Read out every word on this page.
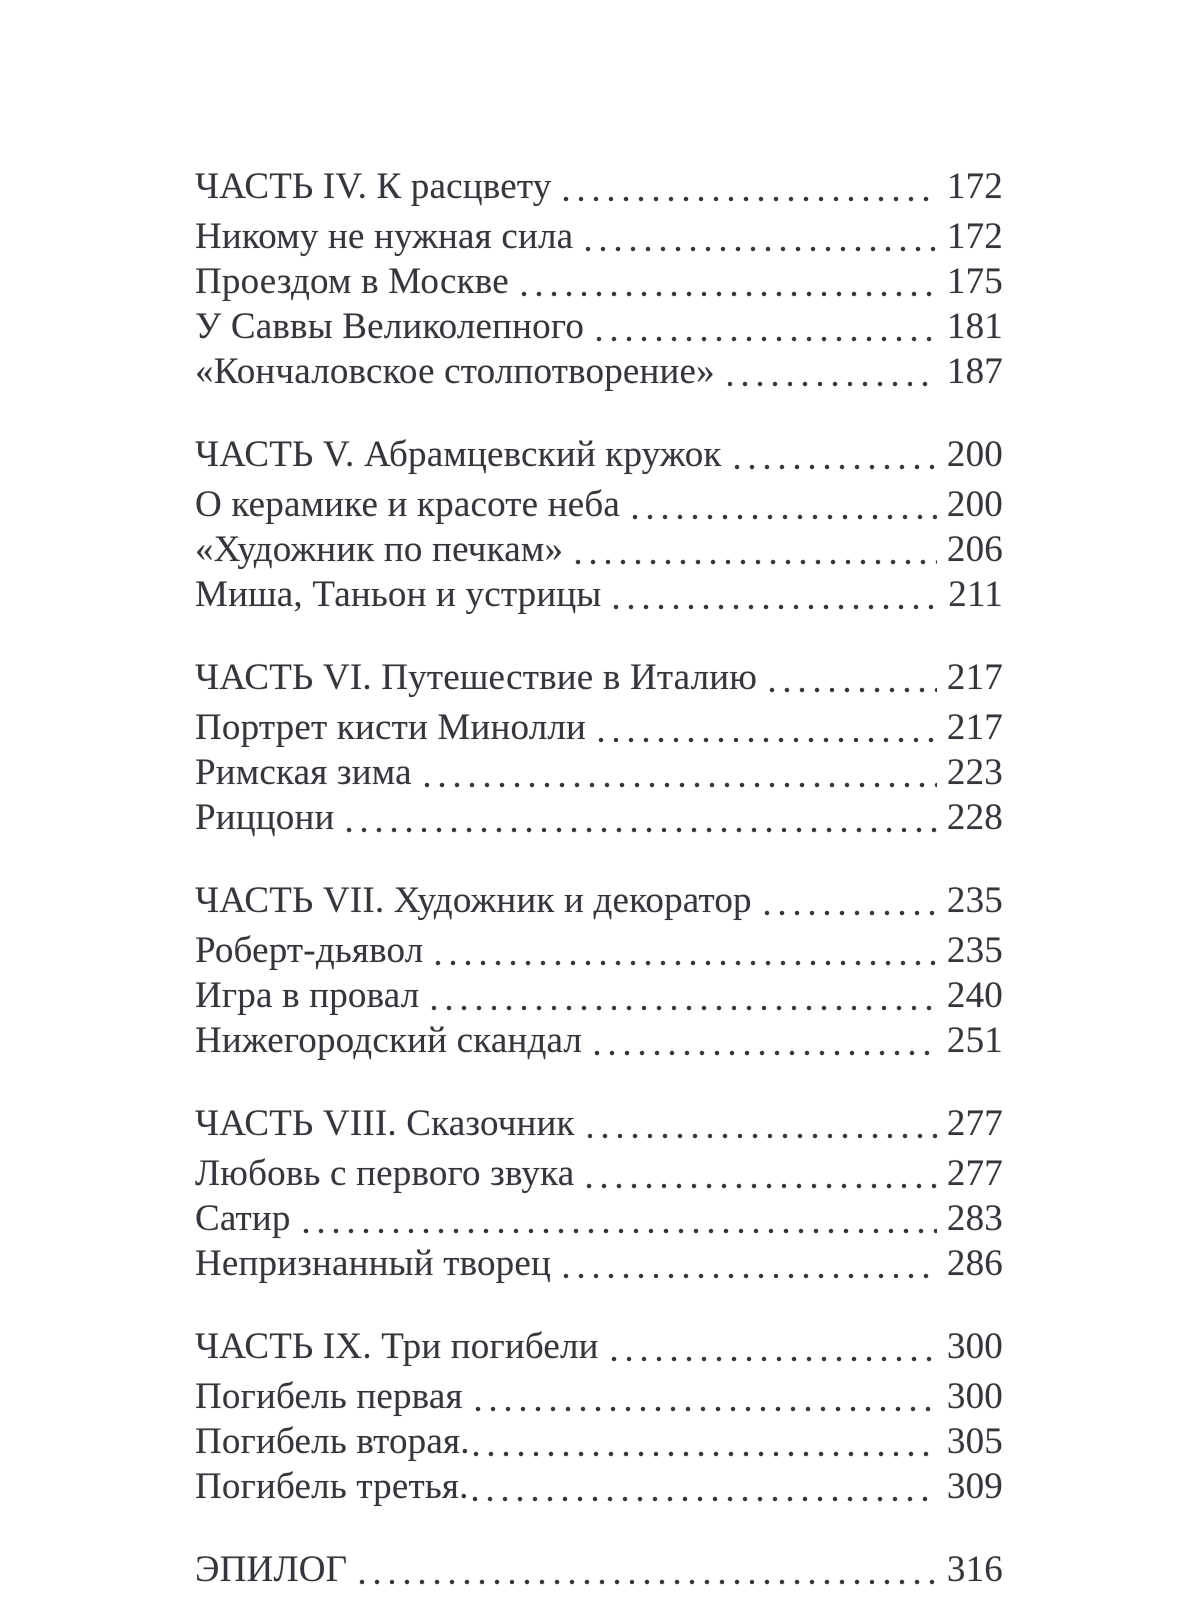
ЧАСТЬ IV. К расцвету	172
Никому не нужная сила	172
Проездом в Москве	175
У Саввы Великолепного	181
«Кончаловское столпотворение»	187
ЧАСТЬ V. Абрамцевский кружок	200
О керамике и красоте неба	200
«Художник по печкам»	206
Миша, Таньон и устрицы	211
ЧАСТЬ VI. Путешествие в Италию	217
Портрет кисти Минолли	217
Римская зима	223
Риццони	228
ЧАСТЬ VII. Художник и декоратор	235
Роберт-дьявол	235
Игра в провал	240
Нижегородский скандал	251
ЧАСТЬ VIII. Сказочник	277
Любовь с первого звука	277
Сатир	283
Непризнанный творец	286
ЧАСТЬ IX. Три погибели	300
Погибель первая	300
Погибель вторая.	305
Погибель третья.	309
ЭПИЛОГ	316
